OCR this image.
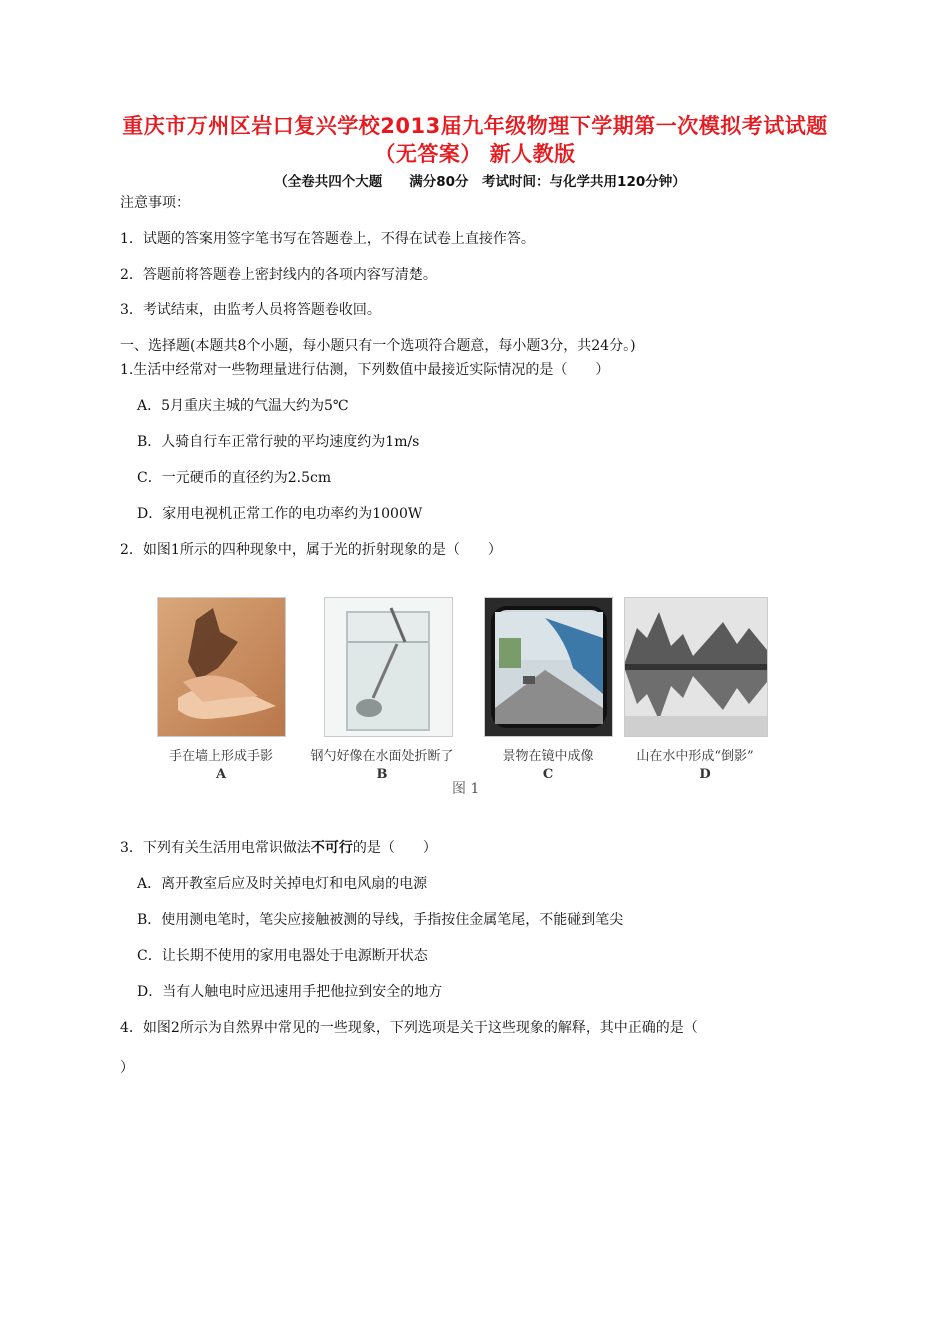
重庆市万州区岩口复兴学校2013届九年级物理下学期第一次模拟考试试题（无答案） 新人教版
（全卷共四个大题　　满分80分　考试时间：与化学共用120分钟）
注意事项：
1．试题的答案用签字笔书写在答题卷上，不得在试卷上直接作答。
2．答题前将答题卷上密封线内的各项内容写清楚。
3．考试结束，由监考人员将答题卷收回。
一、选择题(本题共8个小题，每小题只有一个选项符合题意，每小题3分，共24分。)
1.生活中经常对一些物理量进行估测，下列数值中最接近实际情况的是（　　）
A．5月重庆主城的气温大约为5℃
B．人骑自行车正常行驶的平均速度约为1m/s
C．一元硬币的直径约为2.5cm
D．家用电视机正常工作的电功率约为1000W
2．如图1所示的四种现象中，属于光的折射现象的是（　　）
手在墙上形成手影
A
钢勺好像在水面处折断了
B
景物在镜中成像
C
山在水中形成“倒影”
D
图 1
3．下列有关生活用电常识做法不可行的是（　　）
A．离开教室后应及时关掉电灯和电风扇的电源
B．使用测电笔时，笔尖应接触被测的导线，手指按住金属笔尾，不能碰到笔尖
C．让长期不使用的家用电器处于电源断开状态
D．当有人触电时应迅速用手把他拉到安全的地方
4．如图2所示为自然界中常见的一些现象，下列选项是关于这些现象的解释，其中正确的是（
）
